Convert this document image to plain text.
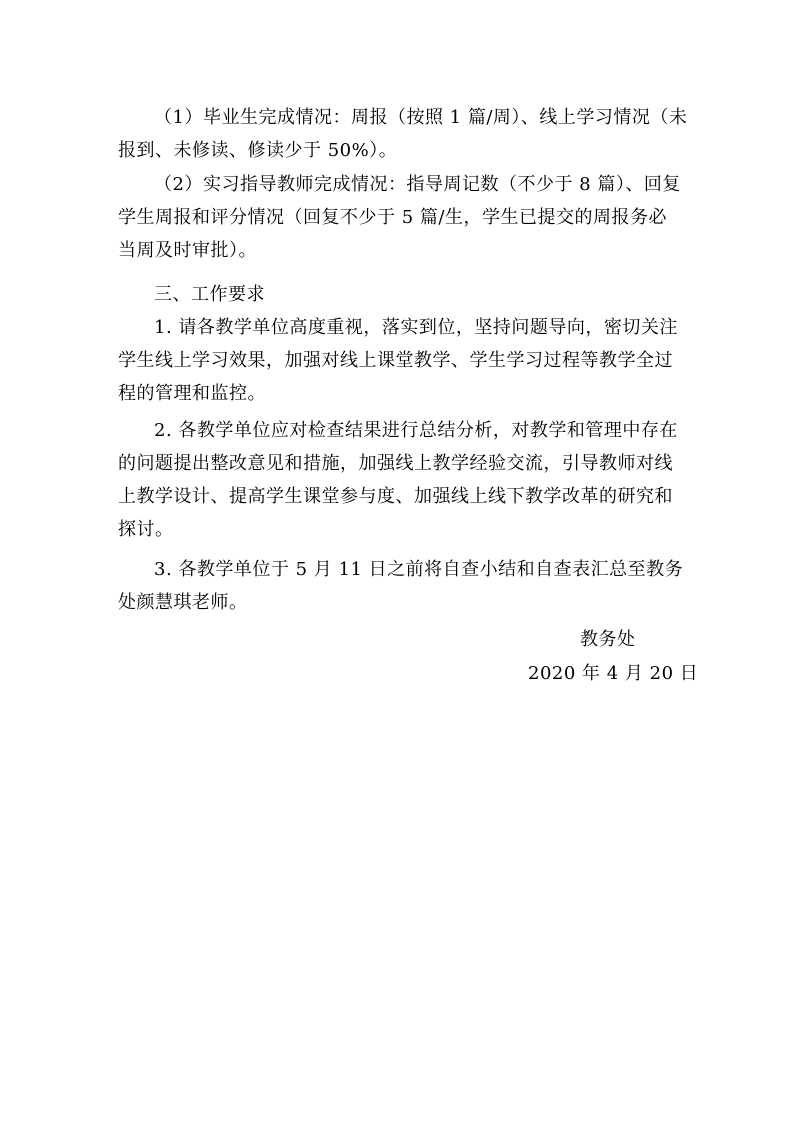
（1）毕业生完成情况：周报（按照 1 篇/周）、线上学习情况（未
报到、未修读、修读少于 50%）。
（2）实习指导教师完成情况：指导周记数（不少于 8 篇）、回复
学生周报和评分情况（回复不少于 5 篇/生，学生已提交的周报务必
当周及时审批）。
三、工作要求
1. 请各教学单位高度重视，落实到位，坚持问题导向，密切关注
学生线上学习效果，加强对线上课堂教学、学生学习过程等教学全过
程的管理和监控。
2. 各教学单位应对检查结果进行总结分析，对教学和管理中存在
的问题提出整改意见和措施，加强线上教学经验交流，引导教师对线
上教学设计、提高学生课堂参与度、加强线上线下教学改革的研究和
探讨。
3. 各教学单位于 5 月 11 日之前将自查小结和自查表汇总至教务
处颜慧琪老师。
教务处
2020 年 4 月 20 日
